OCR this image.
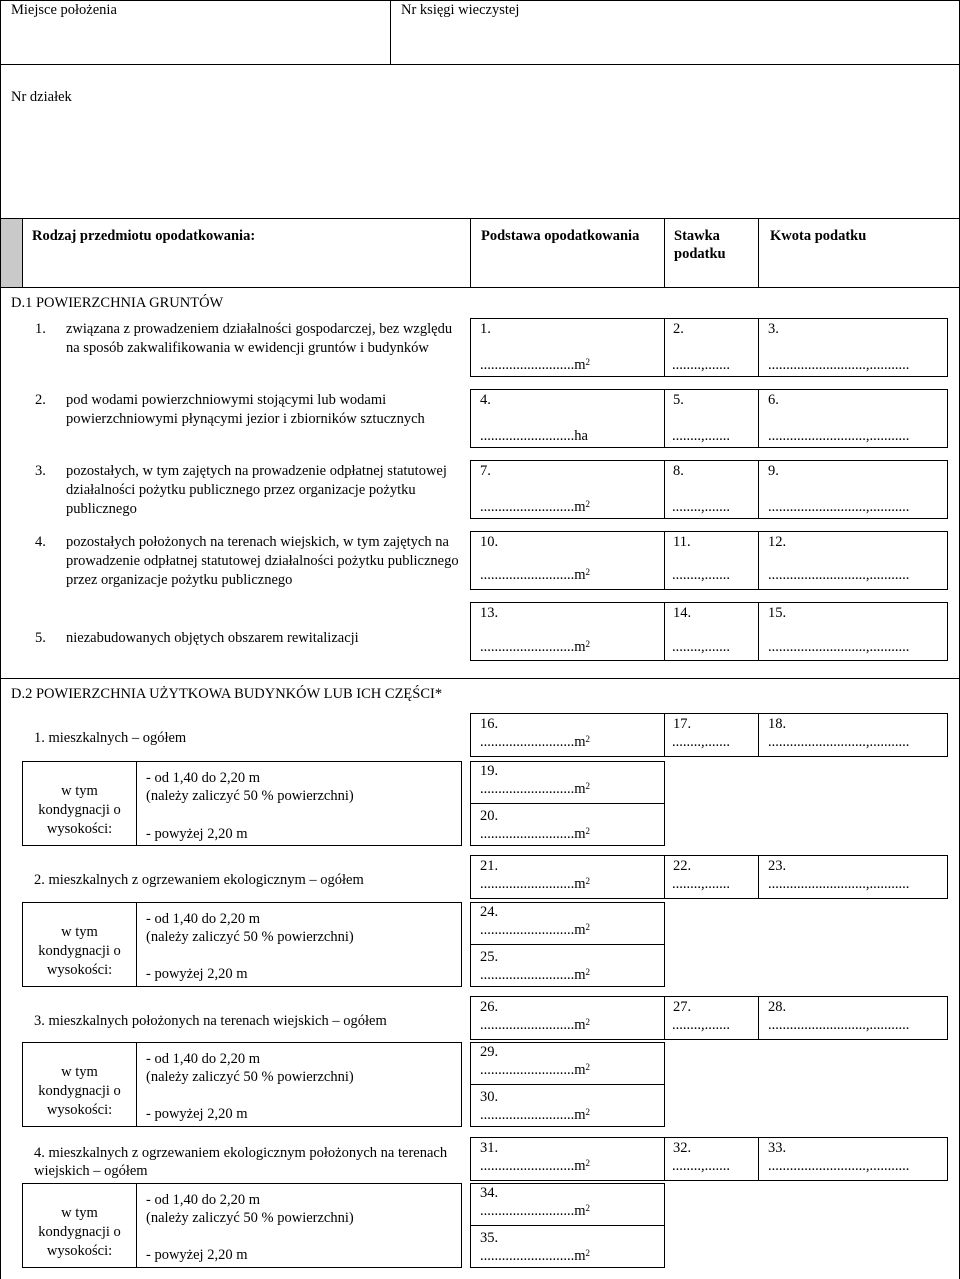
Miejsce położenia	Nr księgi wieczystej
Nr działek
Rodzaj przedmiotu opodatkowania:	Podstawa opodatkowania Stawka
podatku
Kwota podatku
D.1 POWIERZCHNIA GRUNTÓW
1. związana z prowadzeniem działalności gospodarczej, bez względu na sposób zakwalifikowania w ewidencji gruntów i budynków
1.
$..........................m^2$
2.
........,.......
3.
...........................,...........
2. pod wodami powierzchniowymi stojącymi lub wodami powierzchniowymi płynącymi jezior i zbiorników sztucznych
4.
..........................ha
5.
........,.......
6.
...........................,...........
3. pozostałych, w tym zajętych na prowadzenie odpłatnej statutowej działalności pożytku publicznego przez organizacje pożytku publicznego
7.
$..........................m^2$
8.
........,.......
9.
...........................,...........
4. pozostałych położonych na terenach wiejskich, w tym zajętych na prowadzenie odpłatnej statutowej działalności pożytku publicznego przez organizacje pożytku publicznego
10.
$..........................m^2$
11.
........,.......
12.
...........................,...........
5. niezabudowanych objętych obszarem rewitalizacji
13.
$..........................m^2$
14.
........,.......
15.
...........................,...........
D.2 POWIERZCHNIA UŻYTKOWA BUDYNKÓW LUB ICH CZĘŚCI*
1. mieszkalnych – ogółem
16.
$..........................m^2$
17.
........,.......
18.
...........................,...........
w tym
kondygnacji o
wysokości:
- od 1,40 do 2,20 m
(należy zaliczyć 50 % powierzchni)
- powyżej 2,20 m
19.
$..........................m^2$
20.
$..........................m^2$
2. mieszkalnych z ogrzewaniem ekologicznym – ogółem
21.
$..........................m^2$
22.
........,.......
23.
...........................,...........
w tym
kondygnacji o
wysokości:
- od 1,40 do 2,20 m
(należy zaliczyć 50 % powierzchni)
- powyżej 2,20 m
24.
$..........................m^2$
25.
$..........................m^2$
3. mieszkalnych położonych na terenach wiejskich – ogółem
26.
$..........................m^2$
27.
........,.......
28.
...........................,...........
w tym
kondygnacji o
wysokości:
- od 1,40 do 2,20 m
(należy zaliczyć 50 % powierzchni)
- powyżej 2,20 m
29.
$..........................m^2$
30.
$..........................m^2$
4. mieszkalnych z ogrzewaniem ekologicznym położonych na terenach
wiejskich – ogółem
31.
$..........................m^2$
32.
........,.......
33.
...........................,...........
w tym
kondygnacji o
wysokości:
- od 1,40 do 2,20 m
(należy zaliczyć 50 % powierzchni)
- powyżej 2,20 m
34.
$..........................m^2$
35.
$..........................m^2$
